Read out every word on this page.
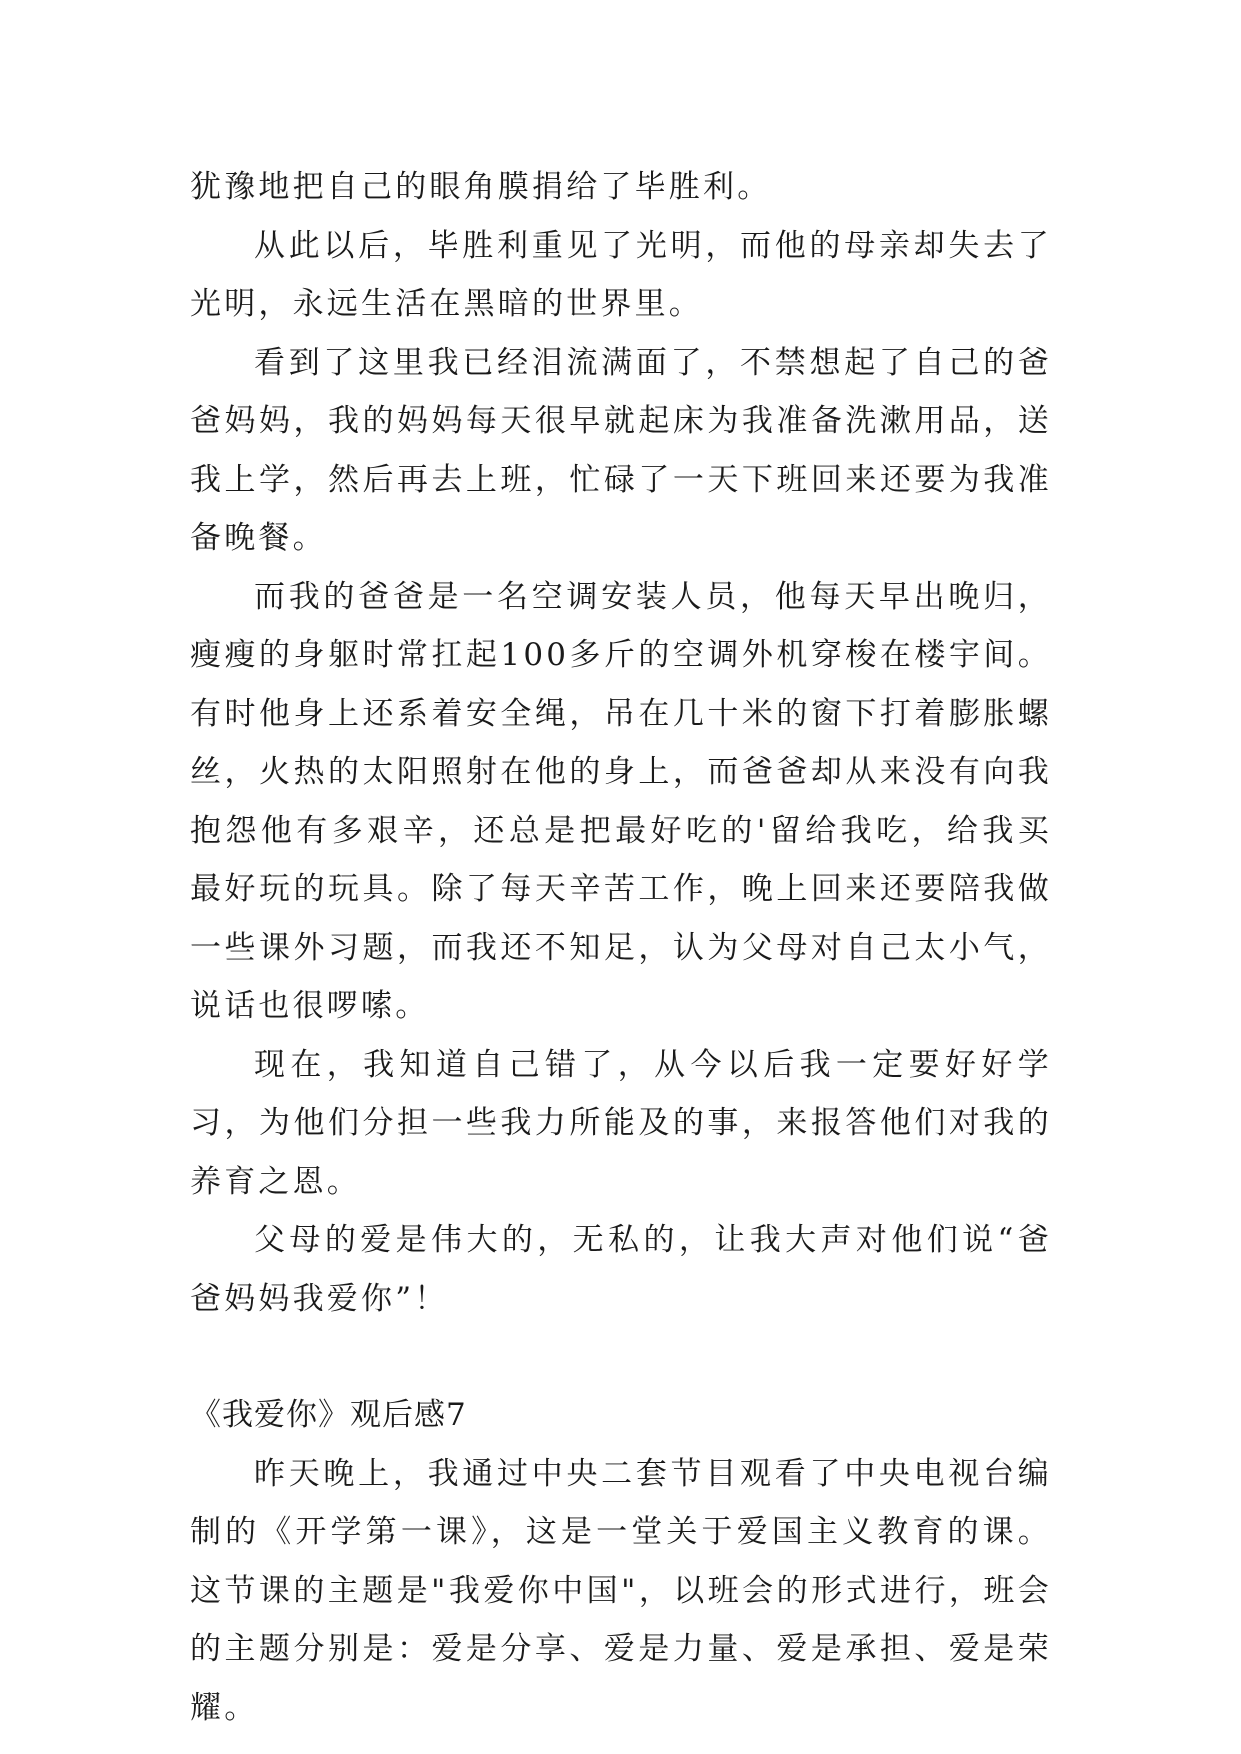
犹豫地把自己的眼角膜捐给了毕胜利。

从此以后，毕胜利重见了光明，而他的母亲却失去了光明，永远生活在黑暗的世界里。

看到了这里我已经泪流满面了，不禁想起了自己的爸爸妈妈，我的妈妈每天很早就起床为我准备洗漱用品，送我上学，然后再去上班，忙碌了一天下班回来还要为我准备晚餐。

而我的爸爸是一名空调安装人员，他每天早出晚归，瘦瘦的身躯时常扛起100多斤的空调外机穿梭在楼宇间。有时他身上还系着安全绳，吊在几十米的窗下打着膨胀螺丝，火热的太阳照射在他的身上，而爸爸却从来没有向我抱怨他有多艰辛，还总是把最好吃的'留给我吃，给我买最好玩的玩具。除了每天辛苦工作，晚上回来还要陪我做一些课外习题，而我还不知足，认为父母对自己太小气，说话也很啰嗦。

现在，我知道自己错了，从今以后我一定要好好学习，为他们分担一些我力所能及的事，来报答他们对我的养育之恩。

父母的爱是伟大的，无私的，让我大声对他们说“爸爸妈妈我爱你”！

《我爱你》观后感7

昨天晚上，我通过中央二套节目观看了中央电视台编制的《开学第一课》，这是一堂关于爱国主义教育的课。这节课的主题是"我爱你中国"，以班会的形式进行，班会的主题分别是：爱是分享、爱是力量、爱是承担、爱是荣耀。
